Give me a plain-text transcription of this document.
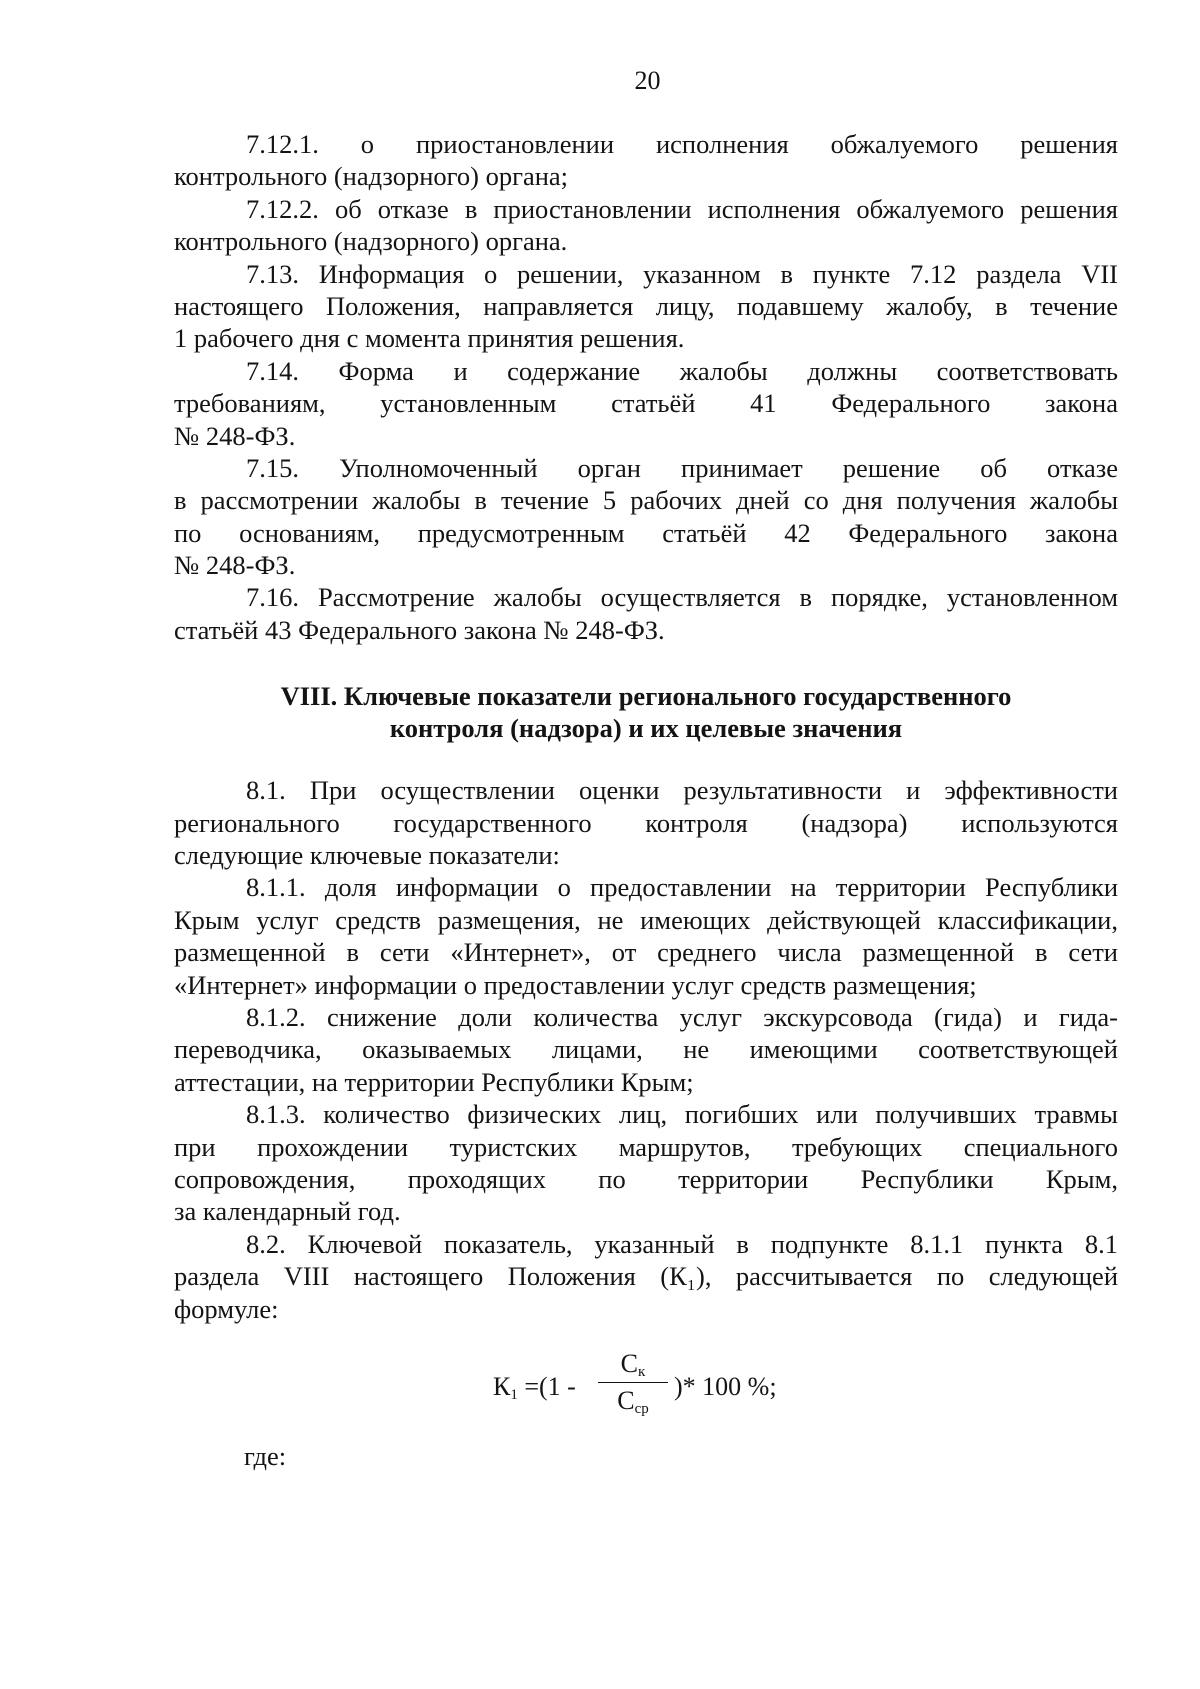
20
7.12.1. о приостановлении исполнения обжалуемого решения
контрольного (надзорного) органа;
7.12.2. об отказе в приостановлении исполнения обжалуемого решения
контрольного (надзорного) органа.
7.13. Информация о решении, указанном в пункте 7.12 раздела VII
настоящего Положения, направляется лицу, подавшему жалобу, в течение
1 рабочего дня с момента принятия решения.
7.14. Форма и содержание жалобы должны соответствовать
требованиям, установленным статьёй 41 Федерального закона
№ 248-ФЗ.
7.15. Уполномоченный орган принимает решение об отказе
в рассмотрении жалобы в течение 5 рабочих дней со дня получения жалобы
по основаниям, предусмотренным статьёй 42 Федерального закона
№ 248-ФЗ.
7.16. Рассмотрение жалобы осуществляется в порядке, установленном
статьёй 43 Федерального закона № 248-ФЗ.
VIII. Ключевые показатели регионального государственного
контроля (надзора) и их целевые значения
8.1. При осуществлении оценки результативности и эффективности
регионального государственного контроля (надзора) используются
следующие ключевые показатели:
8.1.1. доля информации о предоставлении на территории Республики
Крым услуг средств размещения, не имеющих действующей классификации,
размещенной в сети «Интернет», от среднего числа размещенной в сети
«Интернет» информации о предоставлении услуг средств размещения;
8.1.2. снижение доли количества услуг экскурсовода (гида) и гида-
переводчика, оказываемых лицами, не имеющими соответствующей
аттестации, на территории Республики Крым;
8.1.3. количество физических лиц, погибших или получивших травмы
при прохождении туристских маршрутов, требующих специального
сопровождения, проходящих по территории Республики Крым,
за календарный год.
8.2. Ключевой показатель, указанный в подпункте 8.1.1 пункта 8.1
раздела VIII настоящего Положения (К₁), рассчитывается по следующей
формуле:
$К_1 =(1$ -
$С_к$
$С_{ср}$
)* 100 %;
где:
